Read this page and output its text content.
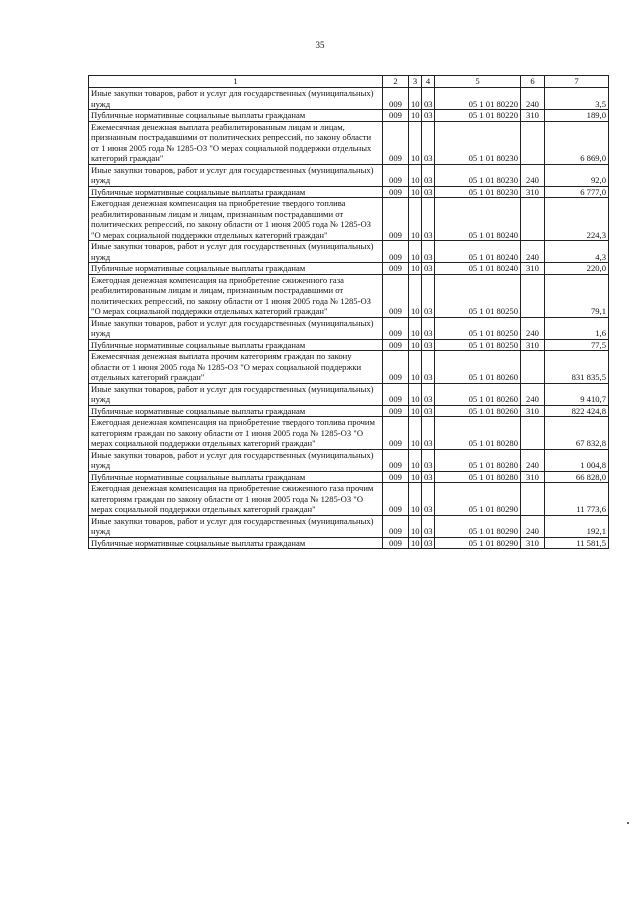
35
1	2	3	4	5	6	7
Иные закупки товаров, работ и услуг для государственных (муниципальных) нужд	009	10	03	05 1 01 80220	240	3,5
Публичные нормативные социальные выплаты гражданам	009	10	03	05 1 01 80220	310	189,0
Ежемесячная денежная выплата реабилитированным лицам и лицам, признанным пострадавшими от политических репрессий, по закону области от 1 июня 2005 года № 1285-ОЗ "О мерах социальной поддержки отдельных категорий граждан"	009	10	03	05 1 01 80230		6 869,0
Иные закупки товаров, работ и услуг для государственных (муниципальных) нужд	009	10	03	05 1 01 80230	240	92,0
Публичные нормативные социальные выплаты гражданам	009	10	03	05 1 01 80230	310	6 777,0
Ежегодная денежная компенсация на приобретение твердого топлива реабилитированным лицам и лицам, признанным пострадавшими от политических репрессий, по закону области от 1 июня 2005 года № 1285-ОЗ "О мерах социальной поддержки отдельных категорий граждан"	009	10	03	05 1 01 80240		224,3
Иные закупки товаров, работ и услуг для государственных (муниципальных) нужд	009	10	03	05 1 01 80240	240	4,3
Публичные нормативные социальные выплаты гражданам	009	10	03	05 1 01 80240	310	220,0
Ежегодная денежная компенсация на приобретение сжиженного газа реабилитированным лицам и лицам, признанным пострадавшими от политических репрессий, по закону области от 1 июня 2005 года № 1285-ОЗ "О мерах социальной поддержки отдельных категорий граждан"	009	10	03	05 1 01 80250		79,1
Иные закупки товаров, работ и услуг для государственных (муниципальных) нужд	009	10	03	05 1 01 80250	240	1,6
Публичные нормативные социальные выплаты гражданам	009	10	03	05 1 01 80250	310	77,5
Ежемесячная денежная выплата прочим категориям граждан по закону области от 1 июня 2005 года № 1285-ОЗ "О мерах социальной поддержки отдельных категорий граждан"	009	10	03	05 1 01 80260		831 835,5
Иные закупки товаров, работ и услуг для государственных (муниципальных) нужд	009	10	03	05 1 01 80260	240	9 410,7
Публичные нормативные социальные выплаты гражданам	009	10	03	05 1 01 80260	310	822 424,8
Ежегодная денежная компенсация на приобретение твердого топлива прочим категориям граждан по закону области от 1 июня 2005 года № 1285-ОЗ "О мерах социальной поддержки отдельных категорий граждан"	009	10	03	05 1 01 80280		67 832,8
Иные закупки товаров, работ и услуг для государственных (муниципальных) нужд	009	10	03	05 1 01 80280	240	1 004,8
Публичные нормативные социальные выплаты гражданам	009	10	03	05 1 01 80280	310	66 828,0
Ежегодная денежная компенсация на приобретение сжиженного газа прочим категориям граждан по закону области от 1 июня 2005 года № 1285-ОЗ "О мерах социальной поддержки отдельных категорий граждан"	009	10	03	05 1 01 80290		11 773,6
Иные закупки товаров, работ и услуг для государственных (муниципальных) нужд	009	10	03	05 1 01 80290	240	192,1
Публичные нормативные социальные выплаты гражданам	009	10	03	05 1 01 80290	310	11 581,5
